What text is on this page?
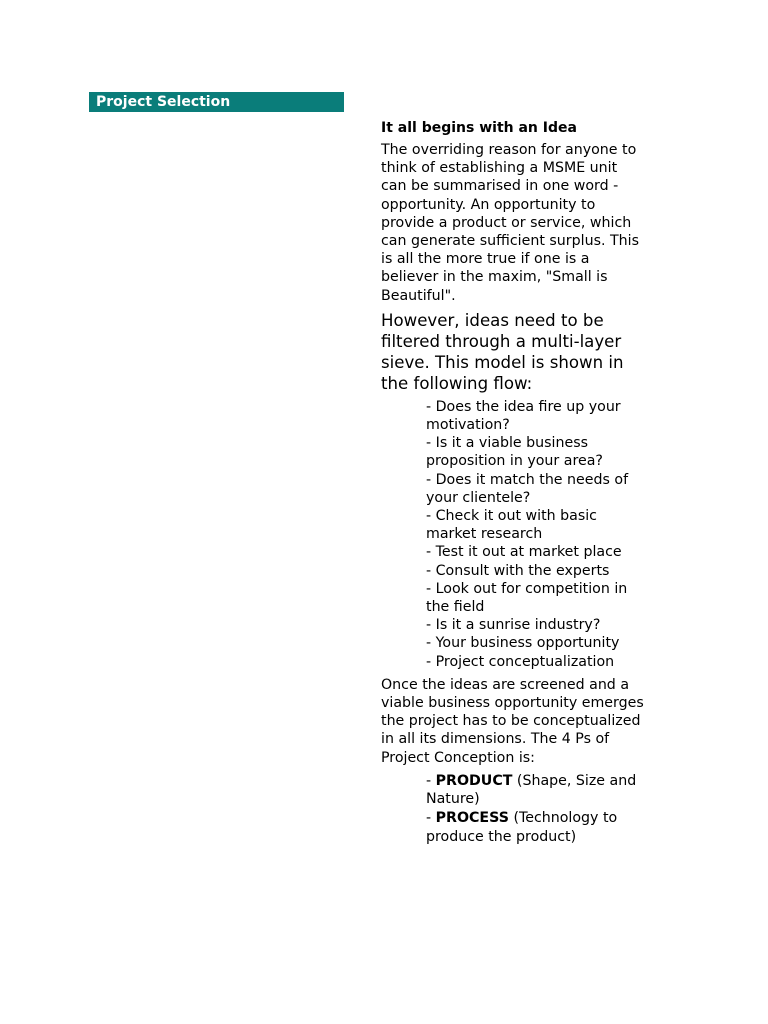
Project Selection
It all begins with an Idea

The overriding reason for anyone to think of establishing a MSME unit can be summarised in one word - opportunity. An opportunity to provide a product or service, which can generate sufficient surplus. This is all the more true if one is a believer in the maxim, "Small is Beautiful".

However, ideas need to be filtered through a multi-layer sieve. This model is shown in the following flow:

- Does the idea fire up your motivation?
- Is it a viable business proposition in your area?
- Does it match the needs of your clientele?
- Check it out with basic market research
- Test it out at market place
- Consult with the experts
- Look out for competition in the field
- Is it a sunrise industry?
- Your business opportunity
- Project conceptualization

Once the ideas are screened and a viable business opportunity emerges the project has to be conceptualized in all its dimensions. The 4 Ps of Project Conception is:

- PRODUCT (Shape, Size and Nature)
- PROCESS (Technology to produce the product)
